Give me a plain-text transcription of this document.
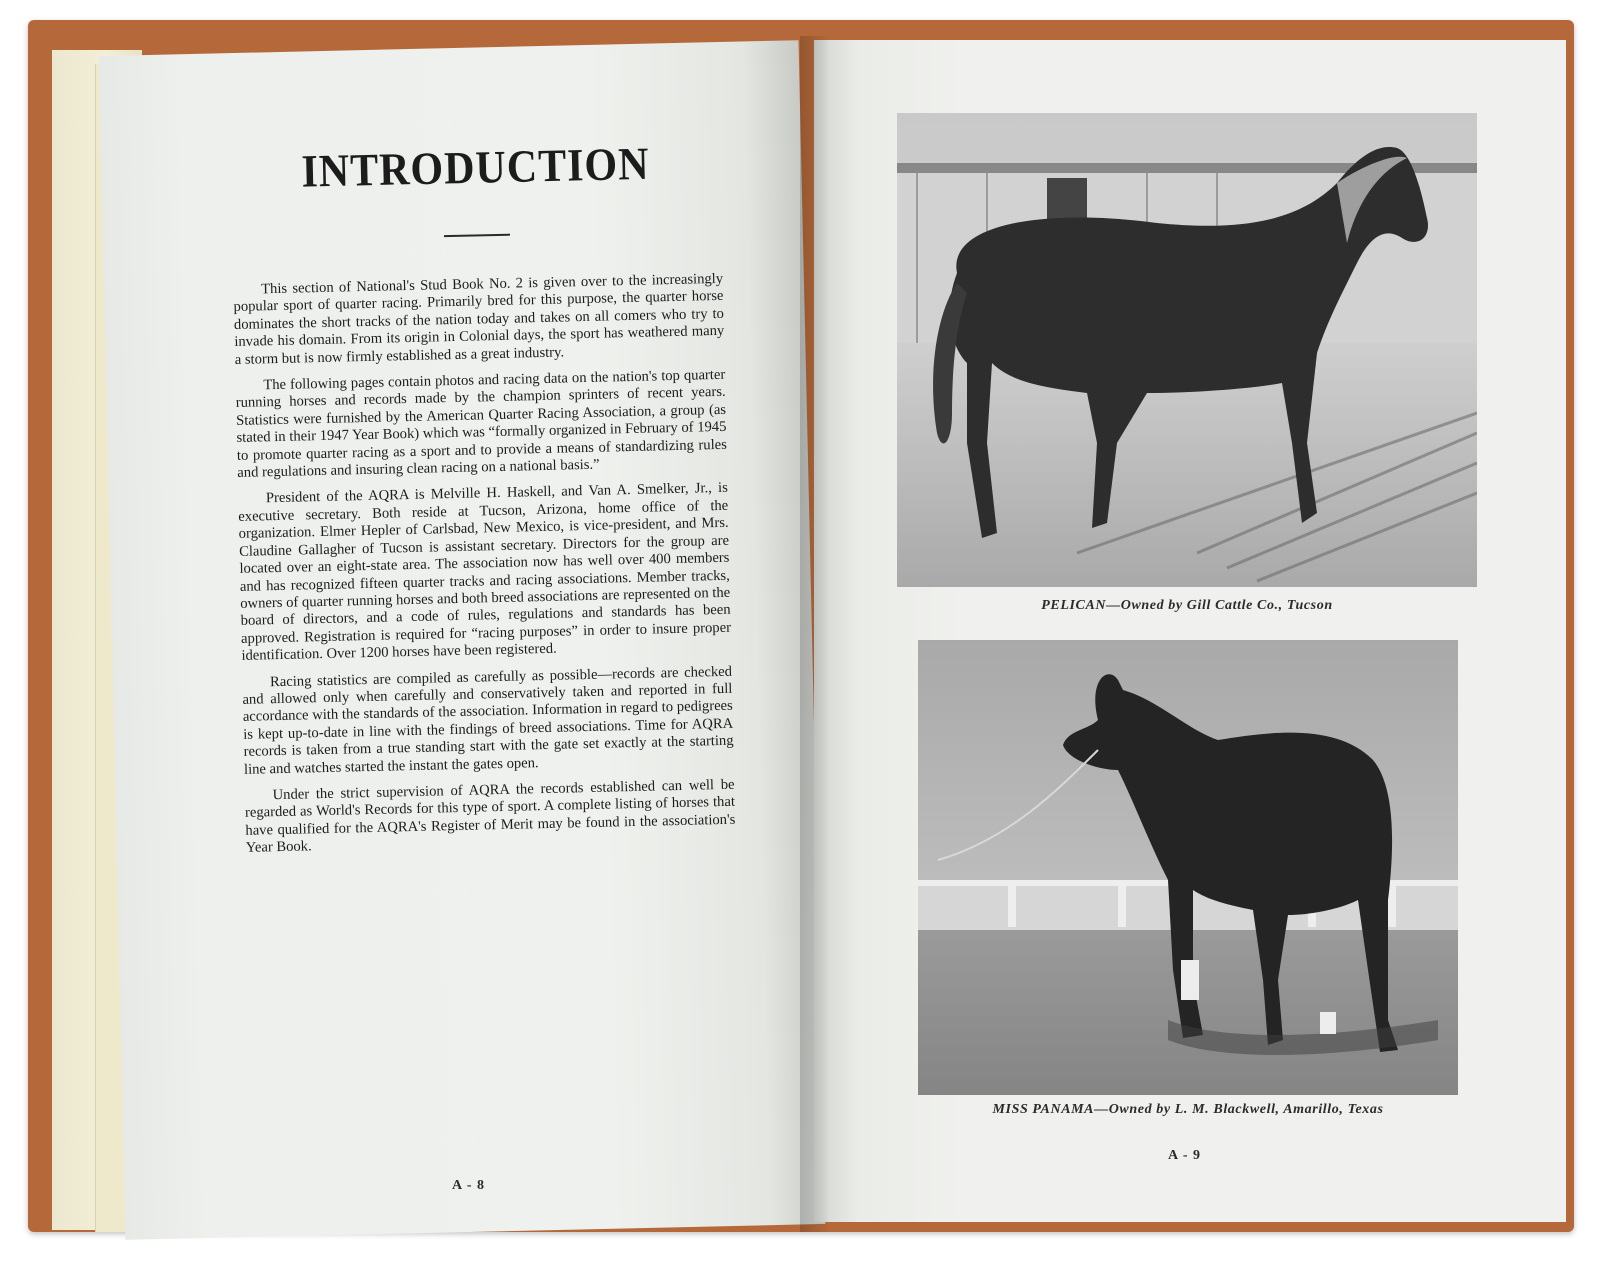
INTRODUCTION

This section of National's Stud Book No. 2 is given over to the increasingly popular sport of quarter racing. Primarily bred for this purpose, the quarter horse dominates the short tracks of the nation today and takes on all comers who try to invade his domain. From its origin in Colonial days, the sport has weathered many a storm but is now firmly established as a great industry.

The following pages contain photos and racing data on the nation's top quarter running horses and records made by the champion sprinters of recent years. Statistics were furnished by the American Quarter Racing Association, a group (as stated in their 1947 Year Book) which was “formally organized in February of 1945 to promote quarter racing as a sport and to provide a means of standardizing rules and regulations and insuring clean racing on a national basis.”

President of the AQRA is Melville H. Haskell, and Van A. Smelker, Jr., is executive secretary. Both reside at Tucson, Arizona, home office of the organization. Elmer Hepler of Carlsbad, New Mexico, is vice-president, and Mrs. Claudine Gallagher of Tucson is assistant secretary. Directors for the group are located over an eight-state area. The association now has well over 400 members and has recognized fifteen quarter tracks and racing associations. Member tracks, owners of quarter running horses and both breed associations are represented on the board of directors, and a code of rules, regulations and standards has been approved. Registration is required for “racing purposes” in order to insure proper identification. Over 1200 horses have been registered.

Racing statistics are compiled as carefully as possible—records are checked and allowed only when carefully and conservatively taken and reported in full accordance with the standards of the association. Information in regard to pedigrees is kept up-to-date in line with the findings of breed associations. Time for AQRA records is taken from a true standing start with the gate set exactly at the starting line and watches started the instant the gates open.

Under the strict supervision of AQRA the records established can well be regarded as World's Records for this type of sport. A complete listing of horses that have qualified for the AQRA's Register of Merit may be found in the association's Year Book.

A - 8
PELICAN—Owned by Gill Cattle Co., Tucson
MISS PANAMA—Owned by L. M. Blackwell, Amarillo, Texas
A - 9
